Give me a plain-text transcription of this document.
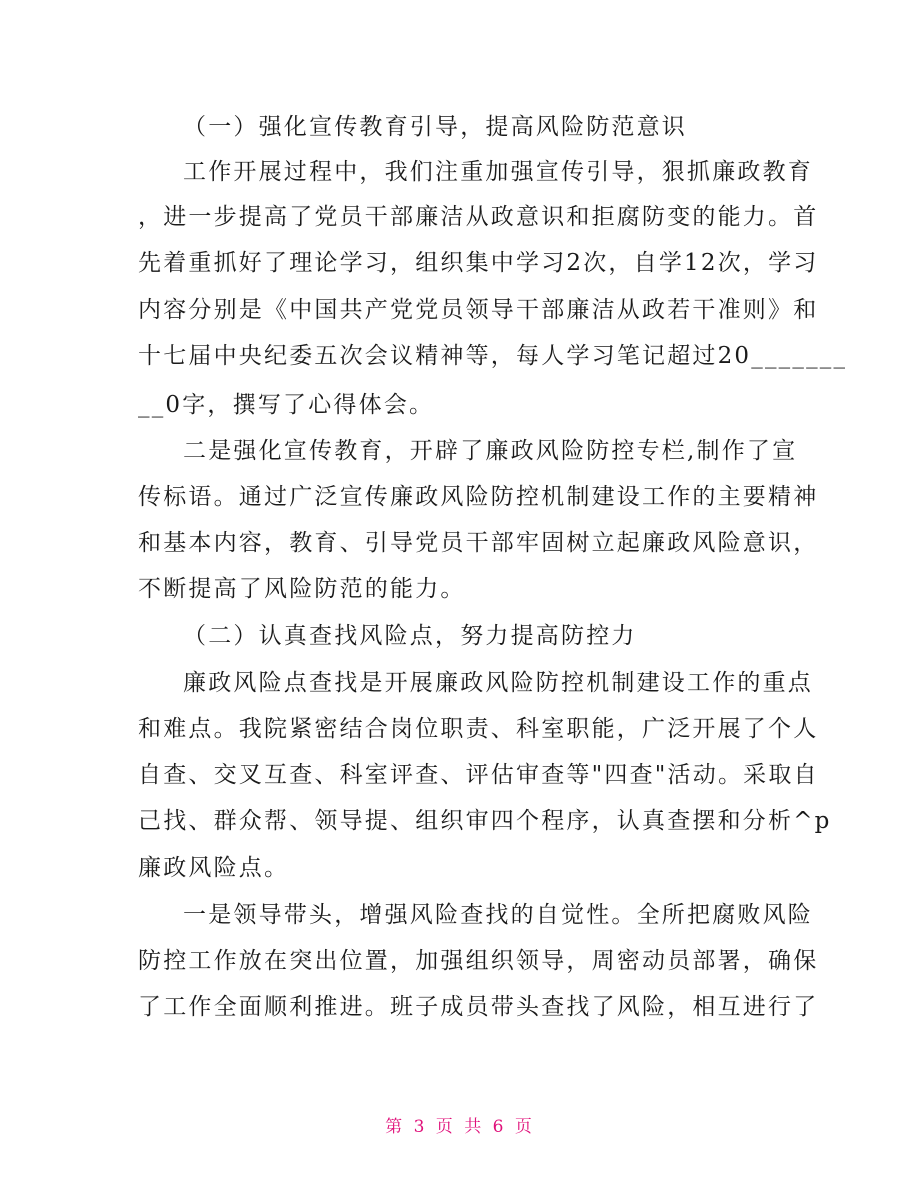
（一）强化宣传教育引导，提高风险防范意识
工作开展过程中，我们注重加强宣传引导，狠抓廉政教育
，进一步提高了党员干部廉洁从政意识和拒腐防变的能力。首
先着重抓好了理论学习，组织集中学习2次，自学12次，学习
内容分别是《中国共产党党员领导干部廉洁从政若干准则》和
十七届中央纪委五次会议精神等，每人学习笔记超过20_______
__0字，撰写了心得体会。
二是强化宣传教育，开辟了廉政风险防控专栏,制作了宣
传标语。通过广泛宣传廉政风险防控机制建设工作的主要精神
和基本内容，教育、引导党员干部牢固树立起廉政风险意识，
不断提高了风险防范的能力。
（二）认真查找风险点，努力提高防控力
廉政风险点查找是开展廉政风险防控机制建设工作的重点
和难点。我院紧密结合岗位职责、科室职能，广泛开展了个人
自查、交叉互查、科室评查、评估审查等"四查"活动。采取自
己找、群众帮、领导提、组织审四个程序，认真查摆和分析^p
廉政风险点。
一是领导带头，增强风险查找的自觉性。全所把腐败风险
防控工作放在突出位置，加强组织领导，周密动员部署，确保
了工作全面顺利推进。班子成员带头查找了风险，相互进行了
第 3 页 共 6 页
